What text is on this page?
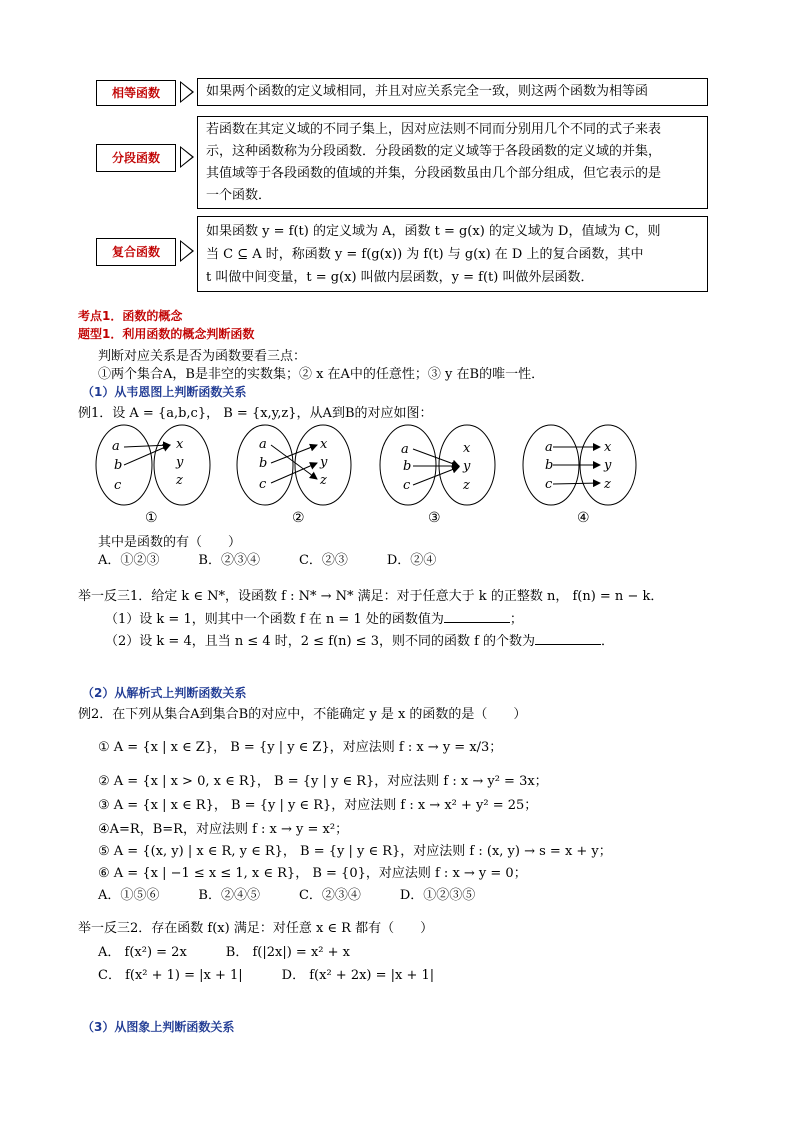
相等函数	如果两个函数的定义域相同，并且对应关系完全一致，则这两个函数为相等函
分段函数
若函数在其定义域的不同子集上，因对应法则不同而分别用几个不同的式子来表
示，这种函数称为分段函数．分段函数的定义域等于各段函数的定义域的并集，
其值域等于各段函数的值域的并集，分段函数虽由几个部分组成，但它表示的是
一个函数．
复合函数
如果函数 y = f(t) 的定义域为 A，函数 t = g(x) 的定义域为 D，值域为 C，则
当 C ⊆ A 时，称函数 y = f(g(x)) 为 f(t) 与 g(x) 在 D 上的复合函数，其中
t 叫做中间变量，t = g(x) 叫做内层函数，y = f(t) 叫做外层函数．
考点1．函数的概念
题型1．利用函数的概念判断函数
判断对应关系是否为函数要看三点：
①两个集合A，B是非空的实数集；② x 在A中的任意性；③ y 在B的唯一性．
（1）从韦恩图上判断函数关系
例1．设 A = {a,b,c}， B = {x,y,z}，从A到B的对应如图：
a
b
c
x
y
z
a
b
c
x
y
z
a
b
c
x
y
z
a
b
c
x
y
z
①	②	③	④
其中是函数的有（　　）
A．①②③　　　B．②③④　　　C．②③　　　D．②④
举一反三1．给定 k ∈ N*，设函数 f : N* → N* 满足：对于任意大于 k 的正整数 n， f(n) = n − k．
（1）设 k = 1，则其中一个函数 f 在 n = 1 处的函数值为	；
（2）设 k = 4，且当 n ≤ 4 时，2 ≤ f(n) ≤ 3，则不同的函数 f 的个数为	．
（2）从解析式上判断函数关系
例2．在下列从集合A到集合B的对应中，不能确定 y 是 x 的函数的是（　　）
① A = {x | x ∈ Z}， B = {y | y ∈ Z}，对应法则 f : x → y = x/3；
② A = {x | x > 0, x ∈ R}， B = {y | y ∈ R}，对应法则 f : x → y² = 3x；
③ A = {x | x ∈ R}， B = {y | y ∈ R}，对应法则 f : x → x² + y² = 25；
④A=R，B=R，对应法则 f : x → y = x²；
⑤ A = {(x, y) | x ∈ R, y ∈ R}， B = {y | y ∈ R}，对应法则 f : (x, y) → s = x + y；
⑥ A = {x | −1 ≤ x ≤ 1, x ∈ R}， B = {0}，对应法则 f : x → y = 0；
A．①⑤⑥　　　B．②④⑤　　　C．②③④　　　D．①②③⑤
举一反三2．存在函数 f(x) 满足：对任意 x ∈ R 都有（　　）
A． f(x²) = 2x　　　B． f(|2x|) = x² + x
C． f(x² + 1) = |x + 1|　　　D． f(x² + 2x) = |x + 1|
（3）从图象上判断函数关系
